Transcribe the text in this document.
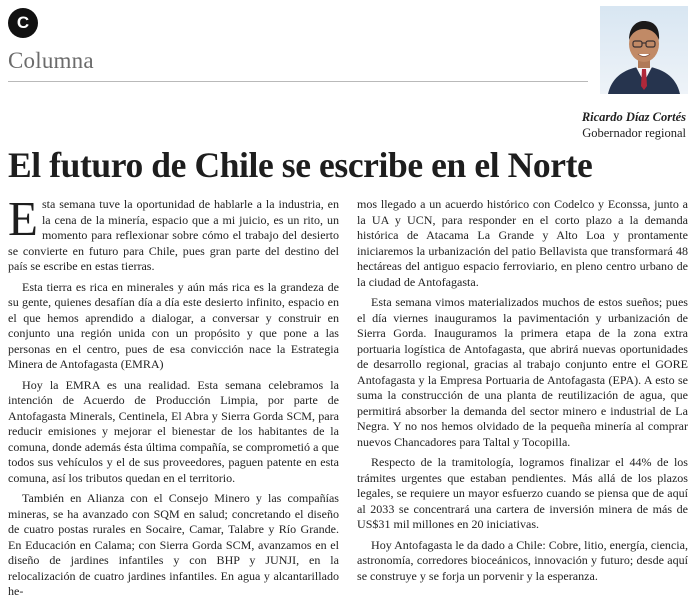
C
Columna
Ricardo Díaz Cortés
Gobernador regional
El futuro de Chile se escribe en el Norte

E sta semana tuve la oportunidad de hablarle a la industria, en la cena de la minería, espacio que a mi juicio, es un rito, un momento para reflexionar sobre cómo el trabajo del desierto se convierte en futuro para Chile, pues gran parte del destino del país se escribe en estas tierras.

Esta tierra es rica en minerales y aún más rica es la grandeza de su gente, quienes desafían día a día este desierto infinito, espacio en el que hemos aprendido a dialogar, a conversar y construir en conjunto una región unida con un propósito y que pone a las personas en el centro, pues de esa convicción nace la Estrategia Minera de Antofagasta (EMRA)

Hoy la EMRA es una realidad. Esta semana celebramos la intención de Acuerdo de Producción Limpia, por parte de Antofagasta Minerals, Centinela, El Abra y Sierra Gorda SCM, para reducir emisiones y mejorar el bienestar de los habitantes de la comuna, donde además ésta última compañía, se comprometió a que todos sus vehículos y el de sus proveedores, paguen patente en esta comuna, así los tributos quedan en el territorio.

También en Alianza con el Consejo Minero y las compañías mineras, se ha avanzado con SQM en salud; concretando el diseño de cuatro postas rurales en Socaire, Camar, Talabre y Río Grande. En Educación en Calama; con Sierra Gorda SCM, avanzamos en el diseño de jardines infantiles y con BHP y JUNJI, en la relocalización de cuatro jardines infantiles. En agua y alcantarillado he-

mos llegado a un acuerdo histórico con Codelco y Econssa, junto a la UA y UCN, para responder en el corto plazo a la demanda histórica de Atacama La Grande y Alto Loa y prontamente iniciaremos la urbanización del patio Bellavista que transformará 48 hectáreas del antiguo espacio ferroviario, en pleno centro urbano de la ciudad de Antofagasta.

Esta semana vimos materializados muchos de estos sueños; pues el día viernes inauguramos la pavimentación y urbanización de Sierra Gorda. Inauguramos la primera etapa de la zona extra portuaria logística de Antofagasta, que abrirá nuevas oportunidades de desarrollo regional, gracias al trabajo conjunto entre el GORE Antofagasta y la Empresa Portuaria de Antofagasta (EPA). A esto se suma la construcción de una planta de reutilización de agua, que permitirá absorber la demanda del sector minero e industrial de La Negra. Y no nos hemos olvidado de la pequeña minería al comprar nuevos Chancadores para Taltal y Tocopilla.

Respecto de la tramitología, logramos finalizar el 44% de los trámites urgentes que estaban pendientes. Más allá de los plazos legales, se requiere un mayor esfuerzo cuando se piensa que de aquí al 2033 se concentrará una cartera de inversión minera de más de US$31 mil millones en 20 iniciativas.

Hoy Antofagasta le da dado a Chile: Cobre, litio, energía, ciencia, astronomía, corredores bioceánicos, innovación y futuro; desde aquí se construye y se forja un porvenir y la esperanza.
